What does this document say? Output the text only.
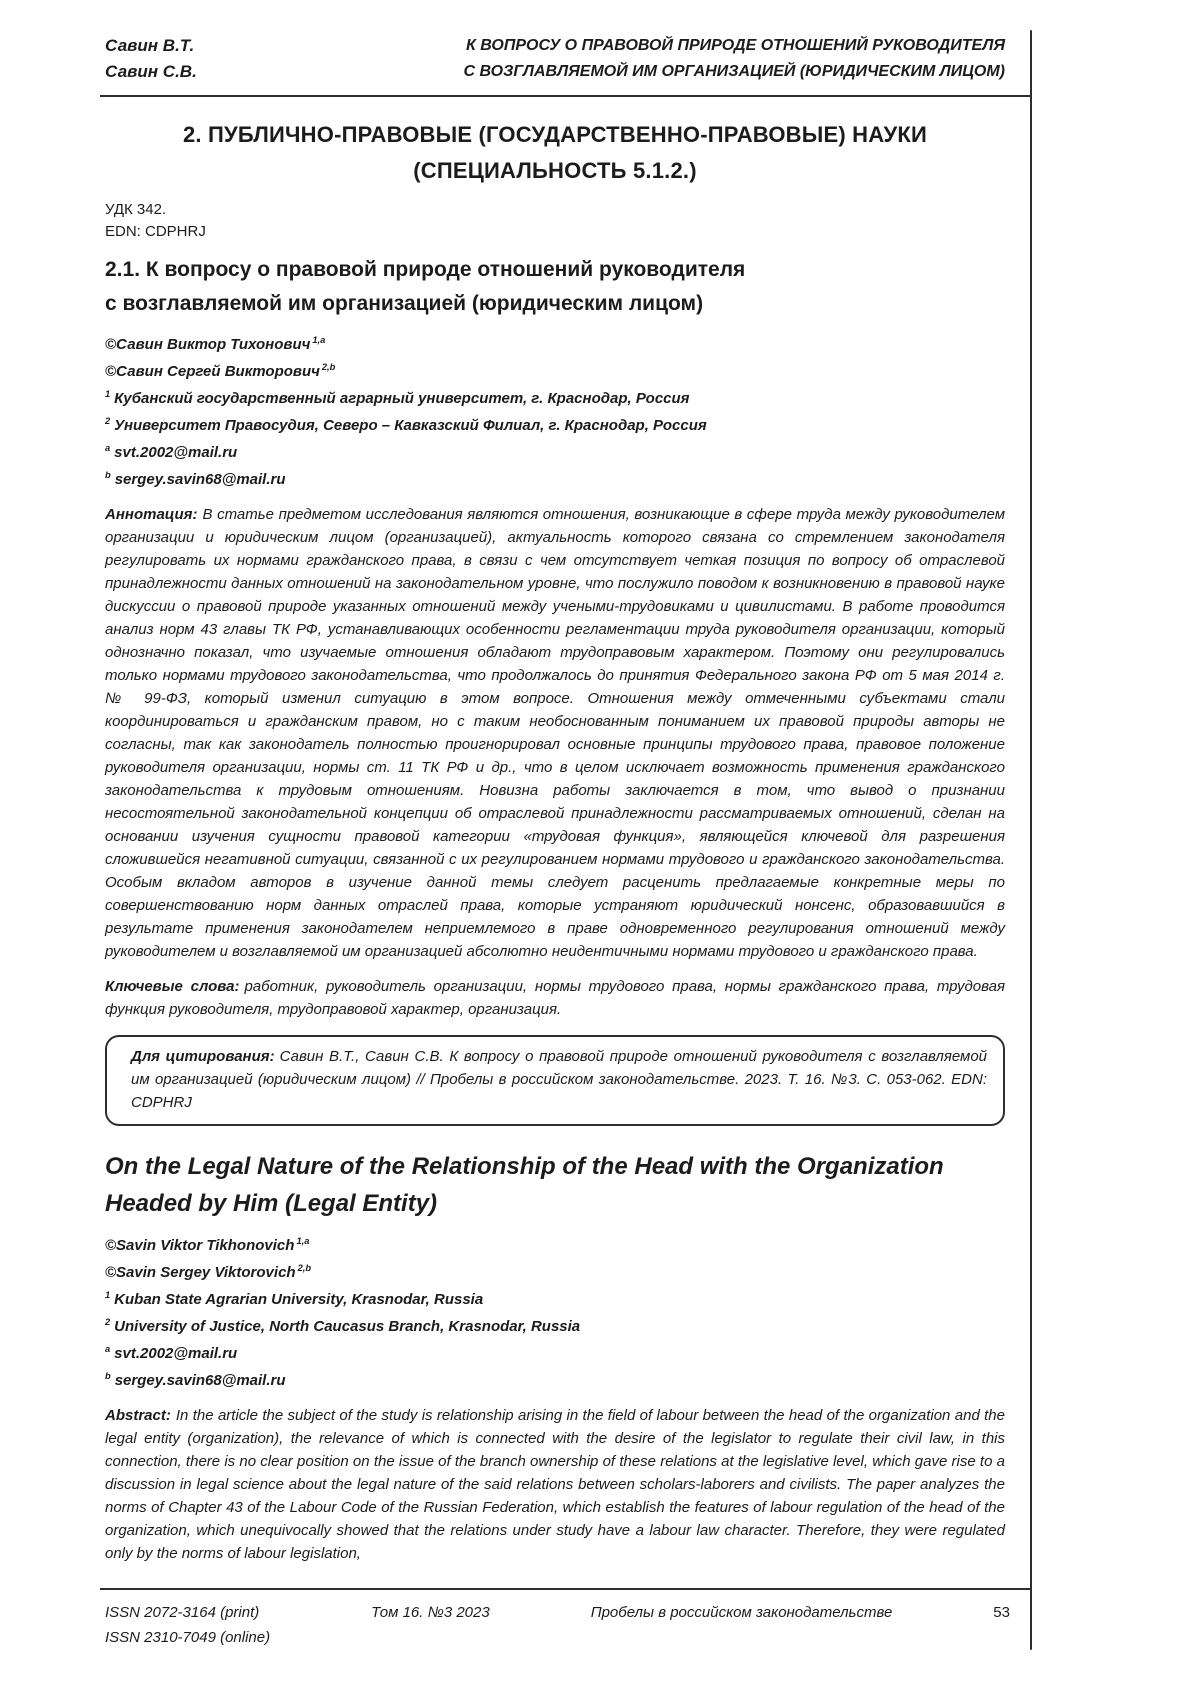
Савин В.Т.
Савин С.В.
К ВОПРОСУ О ПРАВОВОЙ ПРИРОДЕ ОТНОШЕНИЙ РУКОВОДИТЕЛЯ
С ВОЗГЛАВЛЯЕМОЙ ИМ ОРГАНИЗАЦИЕЙ (ЮРИДИЧЕСКИМ ЛИЦОМ)
2. ПУБЛИЧНО-ПРАВОВЫЕ (ГОСУДАРСТВЕННО-ПРАВОВЫЕ) НАУКИ
(СПЕЦИАЛЬНОСТЬ 5.1.2.)
УДК 342.
EDN: CDPHRJ
2.1. К вопросу о правовой природе отношений руководителя
с возглавляемой им организацией (юридическим лицом)
©Савин Виктор Тихонович $^{1,a}$
©Савин Сергей Викторович $^{2,b}$
$^1$ Кубанский государственный аграрный университет, г. Краснодар, Россия
$^2$ Университет Правосудия, Северо – Кавказский Филиал, г. Краснодар, Россия
$^a$ svt.2002@mail.ru
$^b$ sergey.savin68@mail.ru

Аннотация: В статье предметом исследования являются отношения, возникающие в сфере труда между руководителем организации и юридическим лицом (организацией), актуальность которого связана со стремлением законодателя регулировать их нормами гражданского права, в связи с чем отсутствует четкая позиция по вопросу об отраслевой принадлежности данных отношений на законодательном уровне, что послужило поводом к возникновению в правовой науке дискуссии о правовой природе указанных отношений между учеными-трудовиками и цивилистами. В работе проводится анализ норм 43 главы ТК РФ, устанавливающих особенности регламентации труда руководителя организации, который однозначно показал, что изучаемые отношения обладают трудоправовым характером. Поэтому они регулировались только нормами трудового законодательства, что продолжалось до принятия Федерального закона РФ от 5 мая 2014 г. № 99-ФЗ, который изменил ситуацию в этом вопросе. Отношения между отмеченными субъектами стали координироваться и гражданским правом, но с таким необоснованным пониманием их правовой природы авторы не согласны, так как законодатель полностью проигнорировал основные принципы трудового права, правовое положение руководителя организации, нормы ст. 11 ТК РФ и др., что в целом исключает возможность применения гражданского законодательства к трудовым отношениям. Новизна работы заключается в том, что вывод о признании несостоятельной законодательной концепции об отраслевой принадлежности рассматриваемых отношений, сделан на основании изучения сущности правовой категории «трудовая функция», являющейся ключевой для разрешения сложившейся негативной ситуации, связанной с их регулированием нормами трудового и гражданского законодательства. Особым вкладом авторов в изучение данной темы следует расценить предлагаемые конкретные меры по совершенствованию норм данных отраслей права, которые устраняют юридический нонсенс, образовавшийся в результате применения законодателем неприемлемого в праве одновременного регулирования отношений между руководителем и возглавляемой им организацией абсолютно неидентичными нормами трудового и гражданского права.

Ключевые слова: работник, руководитель организации, нормы трудового права, нормы гражданского права, трудовая функция руководителя, трудоправовой характер, организация.

Для цитирования: Савин В.Т., Савин С.В. К вопросу о правовой природе отношений руководителя с возглавляемой им организацией (юридическим лицом) // Пробелы в российском законодательстве. 2023. Т. 16. №3. С. 053-062. EDN: CDPHRJ
On the Legal Nature of the Relationship of the Head with the Organization
Headed by Him (Legal Entity)
©Savin Viktor Tikhonovich $^{1,a}$
©Savin Sergey Viktorovich $^{2,b}$
$^1$ Kuban State Agrarian University, Krasnodar, Russia
$^2$ University of Justice, North Caucasus Branch, Krasnodar, Russia
$^a$ svt.2002@mail.ru
$^b$ sergey.savin68@mail.ru

Abstract: In the article the subject of the study is relationship arising in the field of labour between the head of the organization and the legal entity (organization), the relevance of which is connected with the desire of the legislator to regulate their civil law, in this connection, there is no clear position on the issue of the branch ownership of these relations at the legislative level, which gave rise to a discussion in legal science about the legal nature of the said relations between scholars-laborers and civilists. The paper analyzes the norms of Chapter 43 of the Labour Code of the Russian Federation, which establish the features of labour regulation of the head of the organization, which unequivocally showed that the relations under study have a labour law character. Therefore, they were regulated only by the norms of labour legislation,

ISSN 2072-3164 (print)
ISSN 2310-7049 (online)
Том 16. №3 2023	Пробелы в российском законодательстве	53
